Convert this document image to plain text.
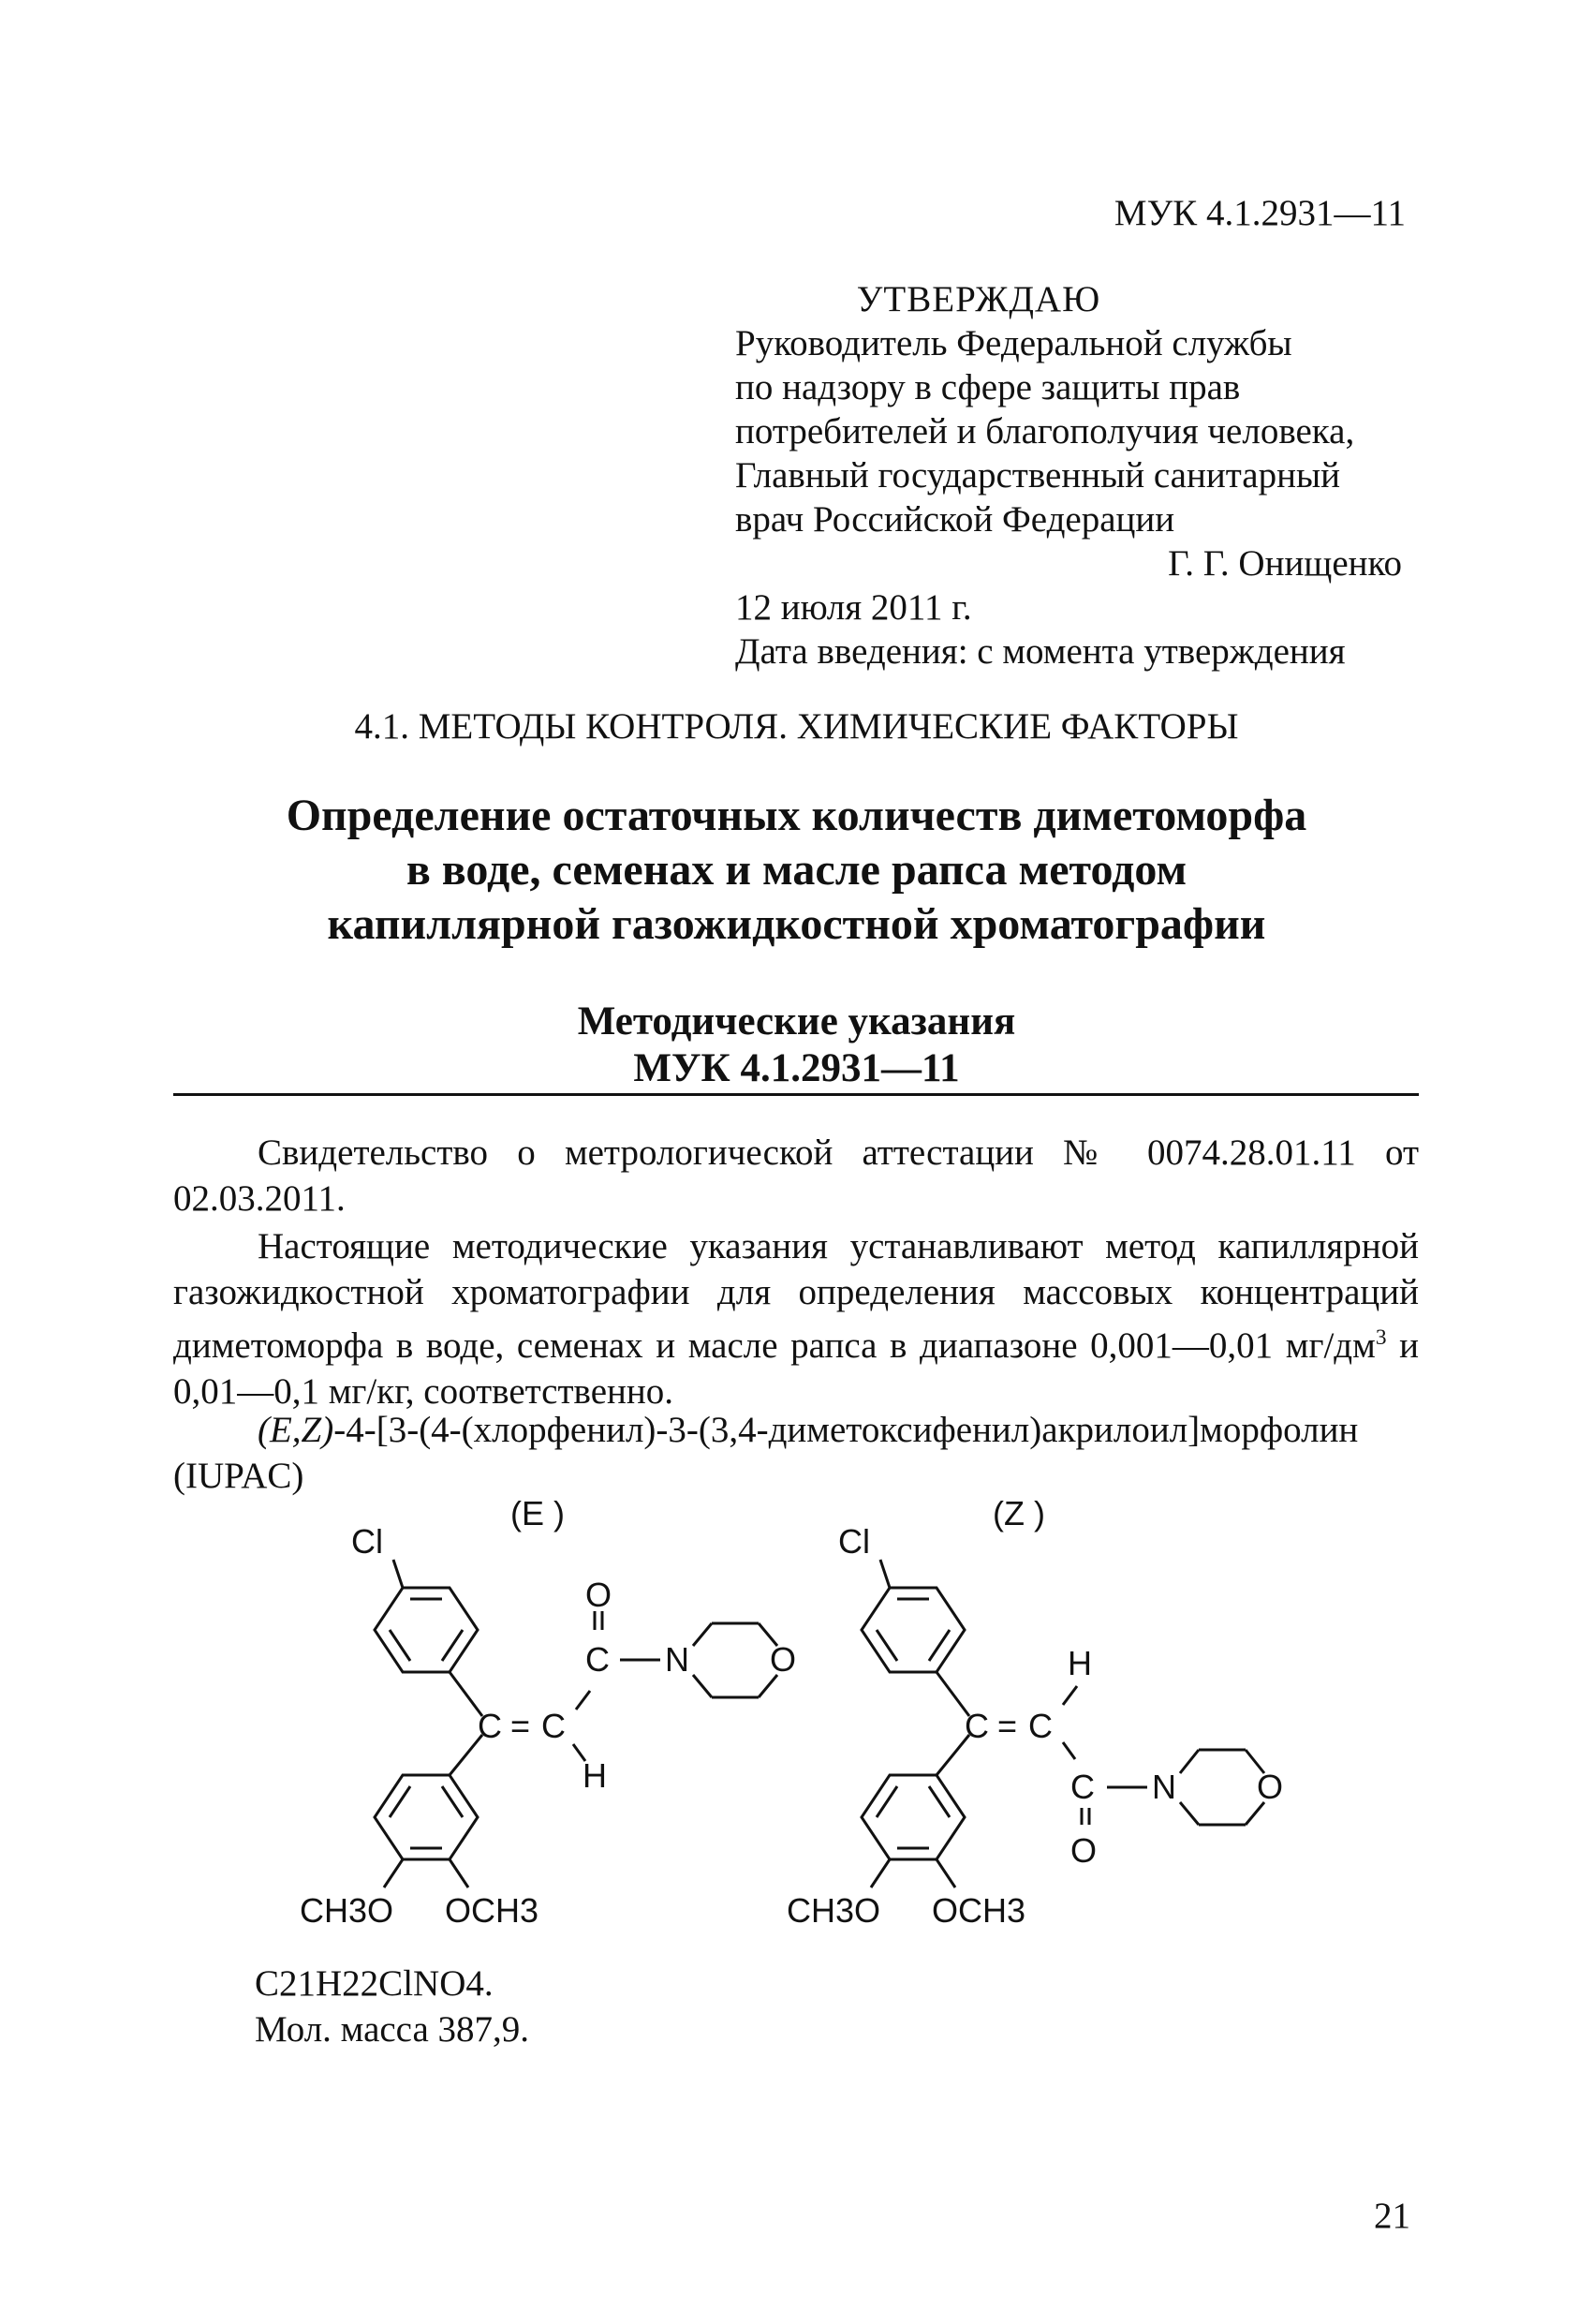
МУК 4.1.2931—11
УТВЕРЖДАЮ
Руководитель Федеральной службы
по надзору в сфере защиты прав
потребителей и благополучия человека,
Главный государственный санитарный
врач Российской Федерации
Г. Г. Онищенко
12 июля 2011 г.
Дата введения: с момента утверждения
4.1. МЕТОДЫ КОНТРОЛЯ. ХИМИЧЕСКИЕ ФАКТОРЫ
Определение остаточных количеств диметоморфа
в воде, семенах и масле рапса методом
капиллярной газожидкостной хроматографии
Методические указания
МУК 4.1.2931—11
Свидетельство о метрологической аттестации № 0074.28.01.11 от 02.03.2011.
Настоящие методические указания устанавливают метод капиллярной газожидкостной хроматографии для определения массовых концентраций диметоморфа в воде, семенах и масле рапса в диапазоне 0,001—0,01 $мг/дм^3$ и 0,01—0,1 мг/кг, соответственно.
(E,Z)-4-[3-(4-(хлорфенил)-3-(3,4-диметоксифенил)акрилоил]морфолин (IUPAC)
(E )
Cl
O
C N O
C = C
H
CH3O OCH3
(Z )
Cl
H
C = C
C N O
O
CH3O OCH3
C21H22ClNO4.
Мол. масса 387,9.
21
